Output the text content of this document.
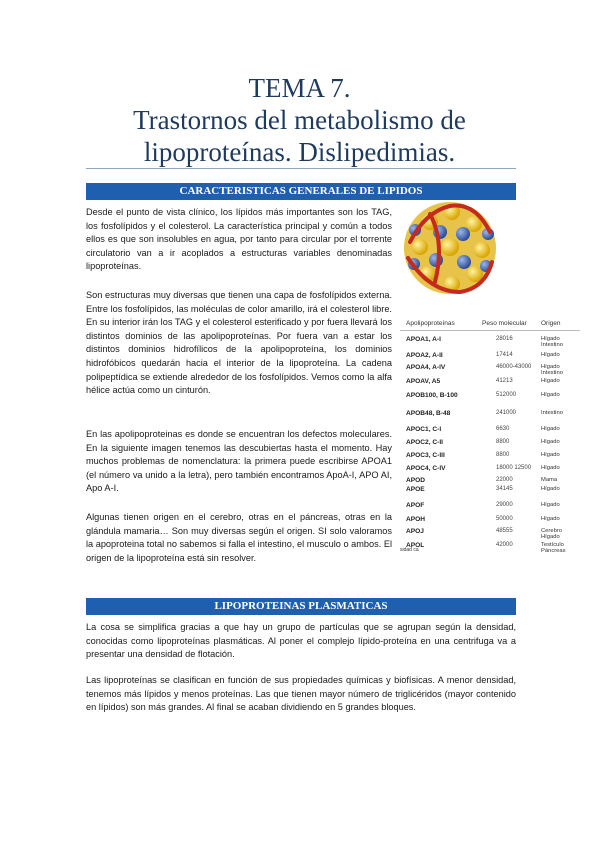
TEMA 7.
Trastornos del metabolismo de
lipoproteínas. Dislipedimias.
CARACTERISTICAS GENERALES DE LIPIDOS
Desde el punto de vista clínico, los lípidos más importantes son los TAG, los fosfolípidos y el colesterol. La característica principal y común a todos ellos es que son insolubles en agua, por tanto para circular por el torrente circulatorio van a ir acoplados a estructuras variables denominadas lipoproteínas.
Son estructuras muy diversas que tienen una capa de fosfolípidos externa. Entre los fosfolípidos, las moléculas de color amarillo, irá el colesterol libre. En su interior irán los TAG y el colesterol esterificado y por fuera llevará los distintos dominios de las apolipoproteínas. Por fuera van a estar los distintos dominios hidrofílicos de la apolipoproteína, los dominios hidrofóbicos quedarán hacia el interior de la lipoproteína. La cadena polipeptídica se extiende alrededor de los fosfolípidos. Vemos como la alfa hélice actúa como un cinturón.
En las apolipoproteinas es donde se encuentran los defectos moleculares. En la siguiente imagen tenemos las descubiertas hasta el momento. Hay muchos problemas de nomenclatura: la primera puede escribirse APOA1 (el número va unido a la letra), pero también encontramos ApoA-I, APO AI, Apo A-I.
Algunas tienen origen en el cerebro, otras en el páncreas, otras en la glándula mamaria… Son muy diversas según el origen. SI solo valoramos la apoproteina total no sabemos si falla el intestino, el musculo o ambos. El origen de la lipoproteína está sin resolver.
Apolipoproteínas	Peso molecular Origen
APOA1, A-I	28016	Hígado Intestino
APOA2, A-II	17414	Hígado
APOA4, A-IV	46000-43000 Hígado Intestino
APOAV, A5	41213	Hígado
APOB100, B-100	512000	Hígado
APOB48, B-48	241000	Intestino
APOC1, C-I	6630	Hígado
APOC2, C-II	8800	Hígado
APOC3, C-III	8800	Hígado
APOC4, C-IV	18000 12500 Hígado
APOD	22000	Mama
APOE	34145	Hígado
APOF	29000	Hígado
APOH	50000	Hígado
APOJ	48555	Cerebro Hígado
APOL	42000	Testículo Páncreas
sidad ca
LIPOPROTEINAS PLASMATICAS
La cosa se simplifica gracias a que hay un grupo de partículas que se agrupan según la densidad, conocidas como lipoproteínas plasmáticas. Al poner el complejo lípido-proteína en una centrifuga va a presentar una densidad de flotación.
Las lipoproteínas se clasifican en función de sus propiedades químicas y biofísicas. A menor densidad, tenemos más lípidos y menos proteínas. Las que tienen mayor número de triglicéridos (mayor contenido en lípidos) son más grandes. Al final se acaban dividiendo en 5 grandes bloques.
